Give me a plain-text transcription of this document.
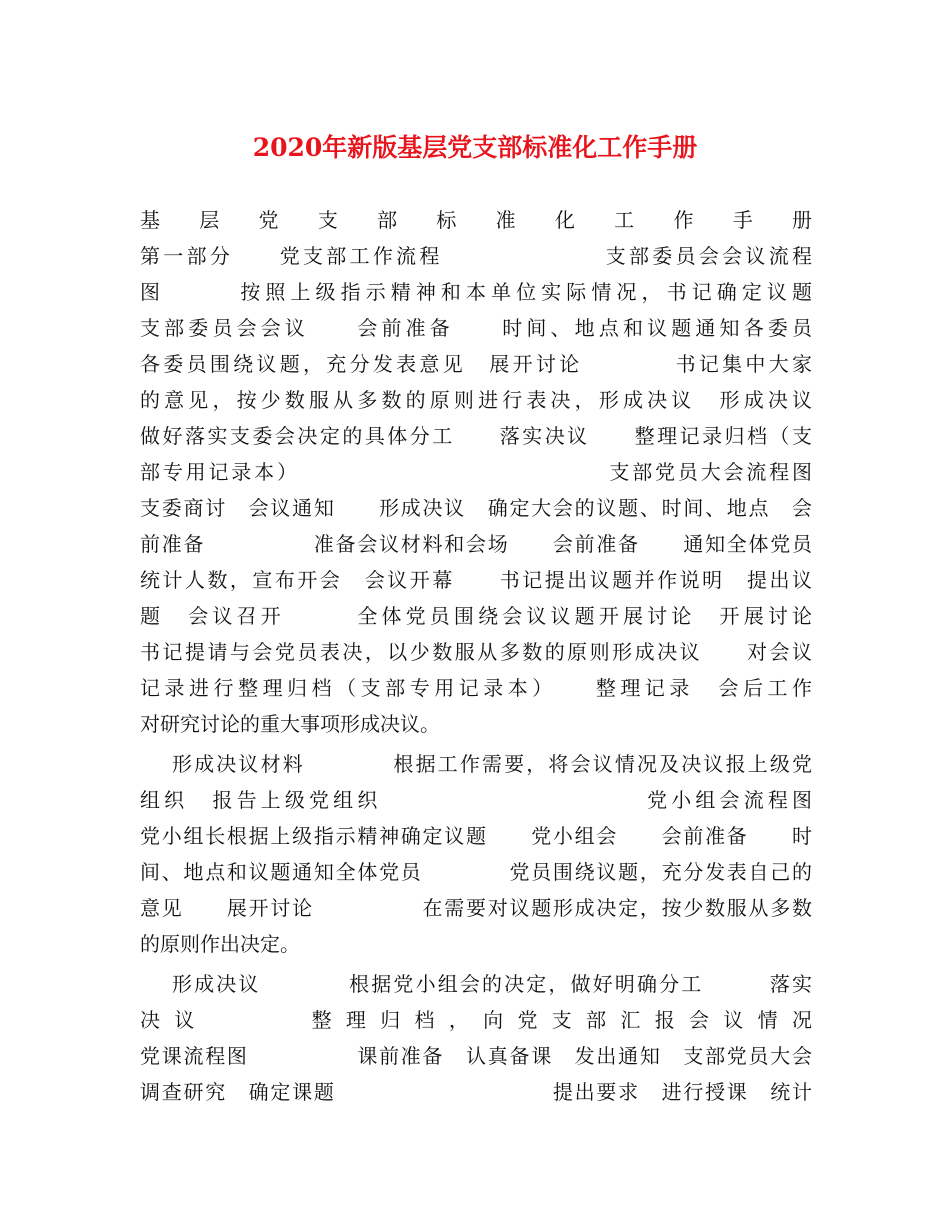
2020年新版基层党支部标准化工作手册
基 层 党 支 部 标 准 化 工 作 手 册
第一部分　　党支部工作流程　　　　　　　支部委员会会议流程
图　　　按照上级指示精神和本单位实际情况，书记确定议题
支部委员会会议　　会前准备　　时间、地点和议题通知各委员
各委员围绕议题，充分发表意见　展开讨论　　　　书记集中大家
的意见，按少数服从多数的原则进行表决，形成决议　形成决议
做好落实支委会决定的具体分工　　落实决议　　整理记录归档（支
部专用记录本）　　　　　　　　　　　　　　支部党员大会流程图
支委商讨　会议通知　　形成决议　确定大会的议题、时间、地点　会
前准备　　　　　准备会议材料和会场　　会前准备　　通知全体党员
统计人数，宣布开会　会议开幕　　书记提出议题并作说明　提出议
题　会议召开　　　全体党员围绕会议议题开展讨论　开展讨论
书记提请与会党员表决，以少数服从多数的原则形成决议　　对会议
记录进行整理归档（支部专用记录本）　　整理记录　会后工作
对研究讨论的重大事项形成决议。
形成决议材料　　　　根据工作需要，将会议情况及决议报上级党
组织　报告上级党组织　　　　　　　　　　　党小组会流程图
党小组长根据上级指示精神确定议题　　党小组会　　会前准备　　时
间、地点和议题通知全体党员　　　　党员围绕议题，充分发表自己的
意见　　展开讨论　　　　　在需要对议题形成决定，按少数服从多数
的原则作出决定。
形成决议　　　　根据党小组会的决定，做好明确分工　　　落实
决 议 　 　 　 整 理 归 档 ， 向 党 支 部 汇 报 会 议 情 况
党课流程图　　　　　课前准备　认真备课　发出通知　支部党员大会
调查研究　确定课题　　　　　　　　　　提出要求　进行授课　统计
